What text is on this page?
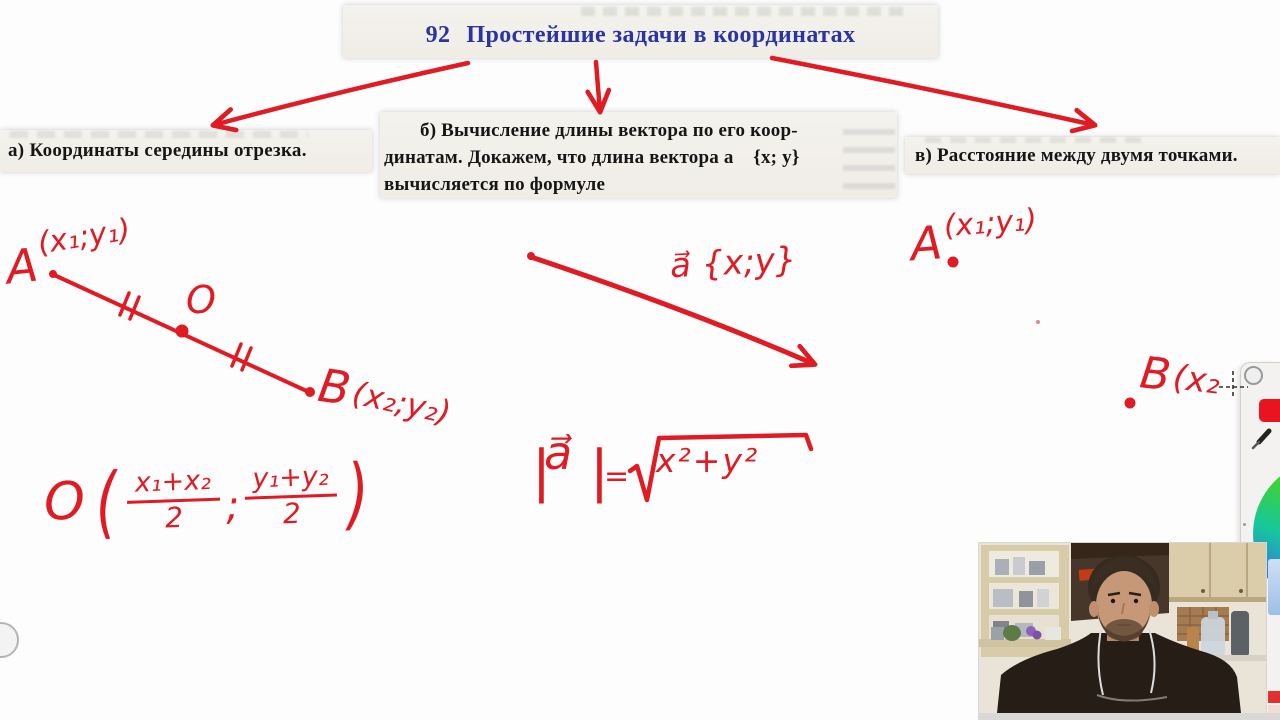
92 Простейшие задачи в координатах
а) Координаты середины отрезка.
б) Вычисление длины вектора по его коор-
динатам. Докажем, что длина вектора a⃗ {x; y}
вычисляется по формуле
в) Расстояние между двумя точками.
A
(x₁;y₁)
O
B
(x₂;y₂)
O ( $\frac{\text{x₁+x₂}}{2}$ ; $\frac{\text{y₁+y₂}}{2}$ )
a⃗ {x;y}
|
a⃗ |
= x²+y²
A
(x₁;y₁)
B
(x₂
